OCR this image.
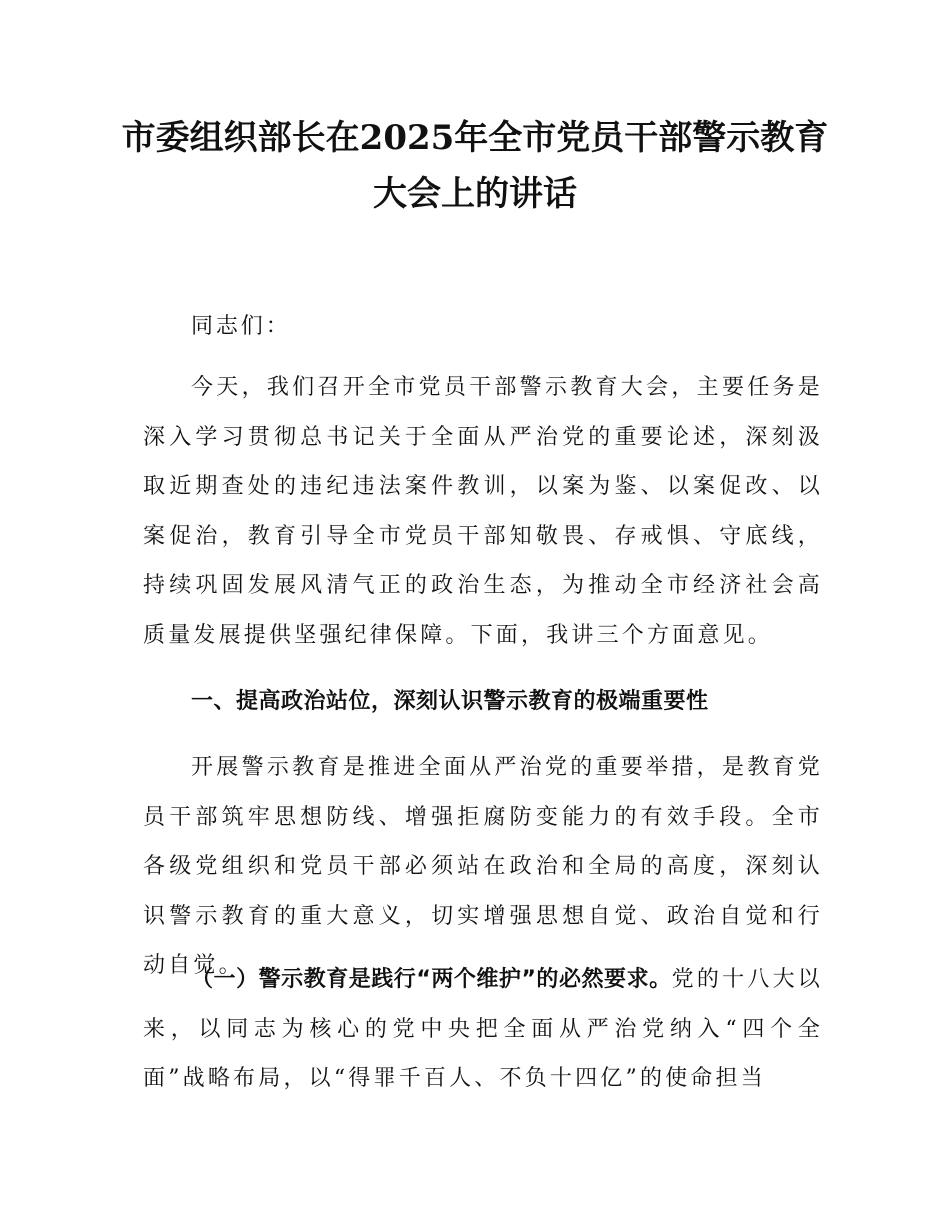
市委组织部长在2025年全市党员干部警示教育大会上的讲话

同志们：

今天，我们召开全市党员干部警示教育大会，主要任务是深入学习贯彻总书记关于全面从严治党的重要论述，深刻汲取近期查处的违纪违法案件教训，以案为鉴、以案促改、以案促治，教育引导全市党员干部知敬畏、存戒惧、守底线，持续巩固发展风清气正的政治生态，为推动全市经济社会高质量发展提供坚强纪律保障。下面，我讲三个方面意见。

一、提高政治站位，深刻认识警示教育的极端重要性

开展警示教育是推进全面从严治党的重要举措，是教育党员干部筑牢思想防线、增强拒腐防变能力的有效手段。全市各级党组织和党员干部必须站在政治和全局的高度，深刻认识警示教育的重大意义，切实增强思想自觉、政治自觉和行动自觉。

（一）警示教育是践行“两个维护”的必然要求。党的十八大以来，以同志为核心的党中央把全面从严治党纳入“四个全面”战略布局，以“得罪千百人、不负十四亿”的使命担当
